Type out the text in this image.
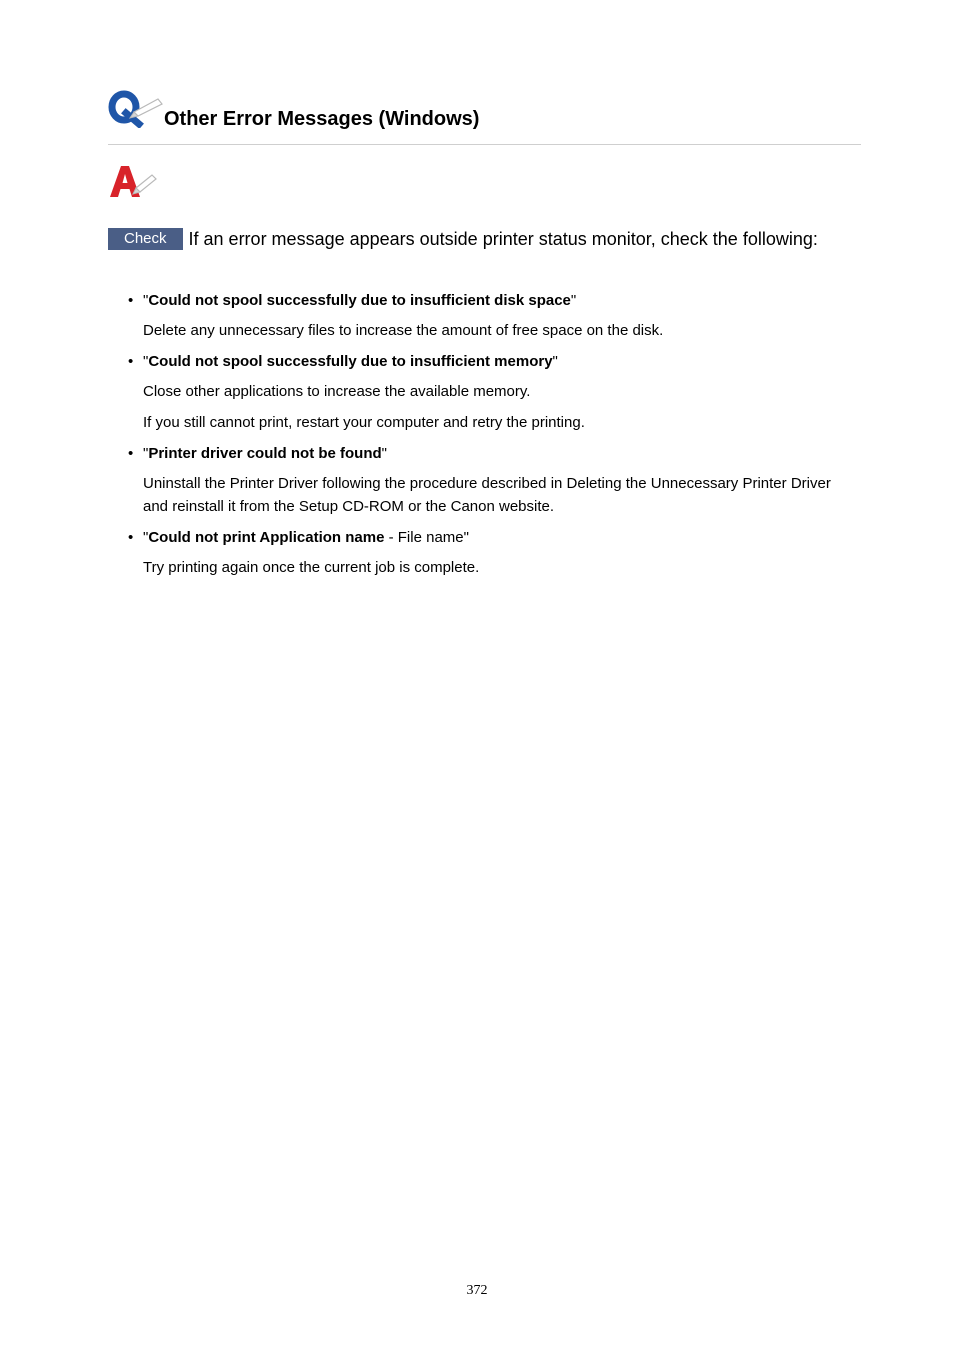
Other Error Messages (Windows)
Check If an error message appears outside printer status monitor, check the following:
• "Could not spool successfully due to insufficient disk space"
Delete any unnecessary files to increase the amount of free space on the disk.
• "Could not spool successfully due to insufficient memory"
Close other applications to increase the available memory.
If you still cannot print, restart your computer and retry the printing.
• "Printer driver could not be found"
Uninstall the Printer Driver following the procedure described in Deleting the Unnecessary Printer Driver and reinstall it from the Setup CD-ROM or the Canon website.
• "Could not print Application name - File name"
Try printing again once the current job is complete.
372
